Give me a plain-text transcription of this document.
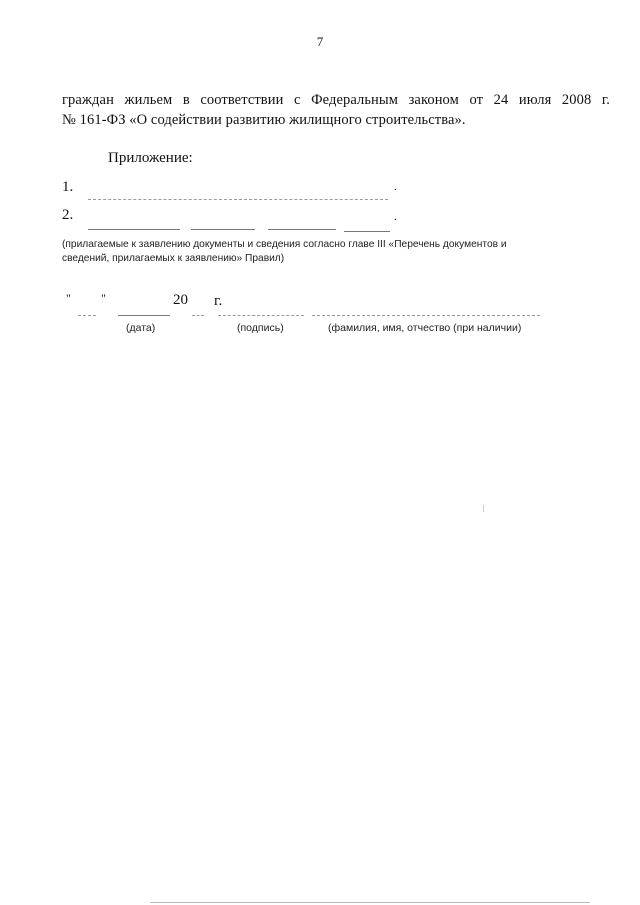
7
граждан жильем в соответствии с Федеральным законом от 24 июля 2008 г.
№ 161-ФЗ «О содействии развитию жилищного строительства».
Приложение:
1.	.
2.	.
(прилагаемые к заявлению документы и сведения согласно главе III «Перечень документов и сведений, прилагаемых к заявлению» Правил)
"	"	20 г.
(дата)	(подпись)	(фамилия, имя, отчество (при наличии)
